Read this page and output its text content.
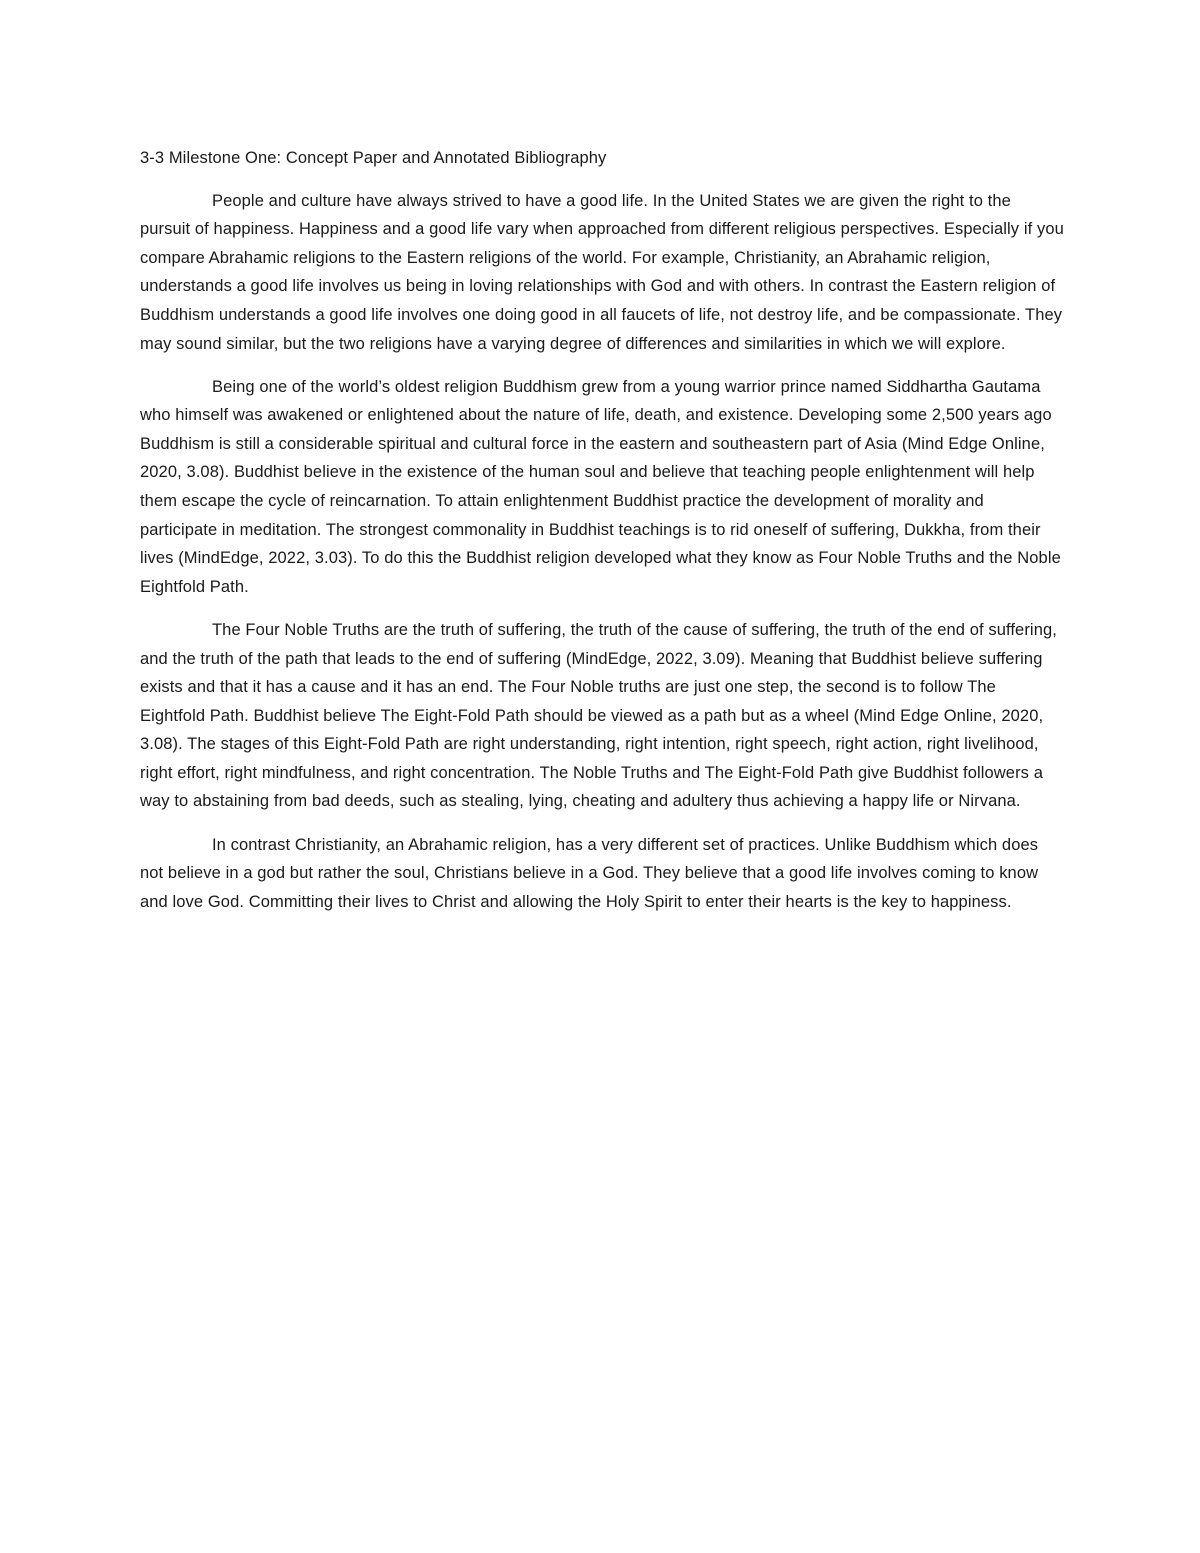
3-3 Milestone One: Concept Paper and Annotated Bibliography

People and culture have always strived to have a good life. In the United States we are given the right to the pursuit of happiness. Happiness and a good life vary when approached from different religious perspectives. Especially if you compare Abrahamic religions to the Eastern religions of the world. For example, Christianity, an Abrahamic religion, understands a good life involves us being in loving relationships with God and with others. In contrast the Eastern religion of Buddhism understands a good life involves one doing good in all faucets of life, not destroy life, and be compassionate. They may sound similar, but the two religions have a varying degree of differences and similarities in which we will explore.

Being one of the world’s oldest religion Buddhism grew from a young warrior prince named Siddhartha Gautama who himself was awakened or enlightened about the nature of life, death, and existence. Developing some 2,500 years ago Buddhism is still a considerable spiritual and cultural force in the eastern and southeastern part of Asia (Mind Edge Online, 2020, 3.08). Buddhist believe in the existence of the human soul and believe that teaching people enlightenment will help them escape the cycle of reincarnation. To attain enlightenment Buddhist practice the development of morality and participate in meditation. The strongest commonality in Buddhist teachings is to rid oneself of suffering, Dukkha, from their lives (MindEdge, 2022, 3.03). To do this the Buddhist religion developed what they know as Four Noble Truths and the Noble Eightfold Path.

The Four Noble Truths are the truth of suffering, the truth of the cause of suffering, the truth of the end of suffering, and the truth of the path that leads to the end of suffering (MindEdge, 2022, 3.09). Meaning that Buddhist believe suffering exists and that it has a cause and it has an end. The Four Noble truths are just one step, the second is to follow The Eightfold Path. Buddhist believe The Eight-Fold Path should be viewed as a path but as a wheel (Mind Edge Online, 2020, 3.08). The stages of this Eight-Fold Path are right understanding, right intention, right speech, right action, right livelihood, right effort, right mindfulness, and right concentration. The Noble Truths and The Eight-Fold Path give Buddhist followers a way to abstaining from bad deeds, such as stealing, lying, cheating and adultery thus achieving a happy life or Nirvana.

In contrast Christianity, an Abrahamic religion, has a very different set of practices. Unlike Buddhism which does not believe in a god but rather the soul, Christians believe in a God. They believe that a good life involves coming to know and love God. Committing their lives to Christ and allowing the Holy Spirit to enter their hearts is the key to happiness.
